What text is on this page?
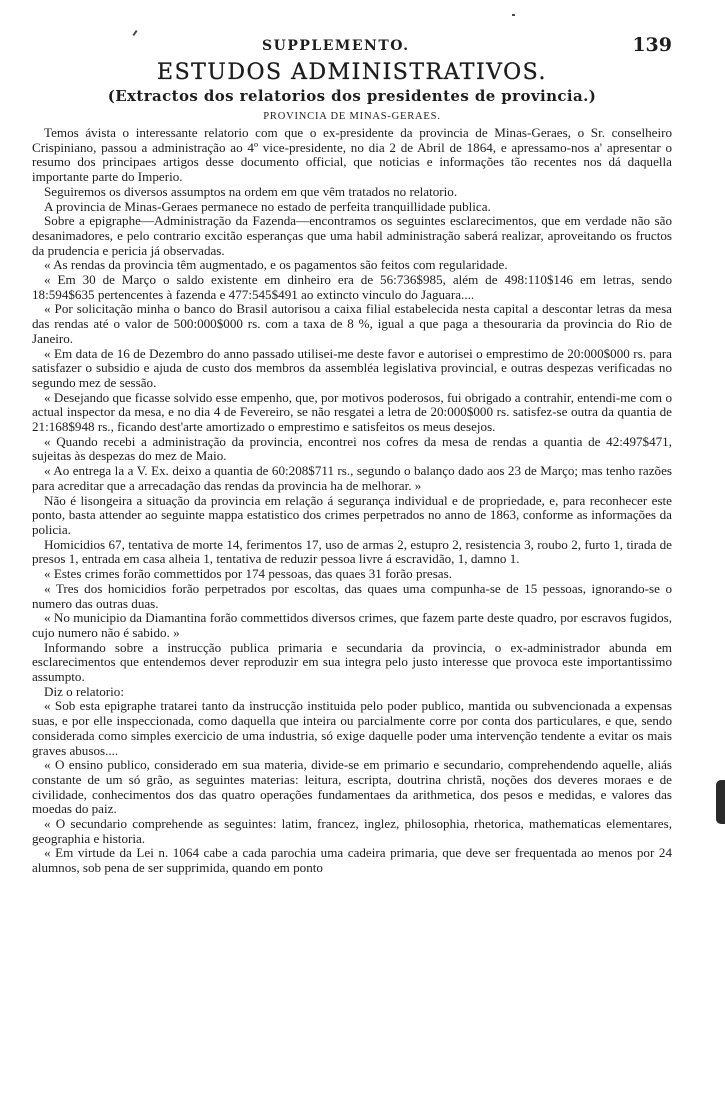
SUPPLEMENTO.	139
ESTUDOS ADMINISTRATIVOS.
(Extractos dos relatorios dos presidentes de provincia.)
PROVINCIA DE MINAS-GERAES.

Temos ávista o interessante relatorio com que o ex-presidente da provincia de Minas-Geraes, o Sr. conselheiro Crispiniano, passou a administração ao 4º vice-presidente, no dia 2 de Abril de 1864, e apressamo-nos a' apresentar o resumo dos principaes artigos desse documento official, que noticias e informações tão recentes nos dá daquella importante parte do Imperio.

Seguiremos os diversos assumptos na ordem em que vêm tratados no relatorio.

A provincia de Minas-Geraes permanece no estado de perfeita tranquillidade publica.

Sobre a epigraphe—Administração da Fazenda—encontramos os seguintes esclarecimentos, que em verdade não são desanimadores, e pelo contrario excitão esperanças que uma habil administração saberá realizar, aproveitando os fructos da prudencia e pericia já observadas.

« As rendas da provincia têm augmentado, e os pagamentos são feitos com regularidade.

« Em 30 de Março o saldo existente em dinheiro era de 56:736$985, além de 498:110$146 em letras, sendo 18:594$635 pertencentes à fazenda e 477:545$491 ao extincto vinculo do Jaguara....

« Por solicitação minha o banco do Brasil autorisou a caixa filial estabelecida nesta capital a descontar letras da mesa das rendas até o valor de 500:000$000 rs. com a taxa de 8 %, igual a que paga a thesouraria da provincia do Rio de Janeiro.

« Em data de 16 de Dezembro do anno passado utilisei-me deste favor e autorisei o emprestimo de 20:000$000 rs. para satisfazer o subsidio e ajuda de custo dos membros da assembléa legislativa provincial, e outras despezas verificadas no segundo mez de sessão.

« Desejando que ficasse solvido esse empenho, que, por motivos poderosos, fui obrigado a contrahir, entendi-me com o actual inspector da mesa, e no dia 4 de Fevereiro, se não resgatei a letra de 20:000$000 rs. satisfez-se outra da quantia de 21:168$948 rs., ficando dest'arte amortizado o emprestimo e satisfeitos os meus desejos.

« Quando recebi a administração da provincia, encontrei nos cofres da mesa de rendas a quantia de 42:497$471, sujeitas às despezas do mez de Maio.

« Ao entrega la a V. Ex. deixo a quantia de 60:208$711 rs., segundo o balanço dado aos 23 de Março; mas tenho razões para acreditar que a arrecadação das rendas da provincia ha de melhorar. »

Não é lisongeira a situação da provincia em relação á segurança individual e de propriedade, e, para reconhecer este ponto, basta attender ao seguinte mappa estatistico dos crimes perpetrados no anno de 1863, conforme as informações da policia.

Homicidios 67, tentativa de morte 14, ferimentos 17, uso de armas 2, estupro 2, resistencia 3, roubo 2, furto 1, tirada de presos 1, entrada em casa alheia 1, tentativa de reduzir pessoa livre á escravidão, 1, damno 1.

« Estes crimes forão commettidos por 174 pessoas, das quaes 31 forão presas.

« Tres dos homicidios forão perpetrados por escoltas, das quaes uma compunha-se de 15 pessoas, ignorando-se o numero das outras duas.

« No municipio da Diamantina forão commettidos diversos crimes, que fazem parte deste quadro, por escravos fugidos, cujo numero não é sabido. »

Informando sobre a instrucção publica primaria e secundaria da provincia, o ex-administrador abunda em esclarecimentos que entendemos dever reproduzir em sua integra pelo justo interesse que provoca este importantissimo assumpto.

Diz o relatorio:

« Sob esta epigraphe tratarei tanto da instrucção instituida pelo poder publico, mantida ou subvencionada a expensas suas, e por elle inspeccionada, como daquella que inteira ou parcialmente corre por conta dos particulares, e que, sendo considerada como simples exercicio de uma industria, só exige daquelle poder uma intervenção tendente a evitar os mais graves abusos....

« O ensino publico, considerado em sua materia, divide-se em primario e secundario, comprehendendo aquelle, aliás constante de um só grão, as seguintes materias: leitura, escripta, doutrina christã, noções dos deveres moraes e de civilidade, conhecimentos dos das quatro operações fundamentaes da arithmetica, dos pesos e medidas, e valores das moedas do paiz.

« O secundario comprehende as seguintes: latim, francez, inglez, philosophia, rhetorica, mathematicas elementares, geographia e historia.

« Em virtude da Lei n. 1064 cabe a cada parochia uma cadeira primaria, que deve ser frequentada ao menos por 24 alumnos, sob pena de ser supprimida, quando em ponto
